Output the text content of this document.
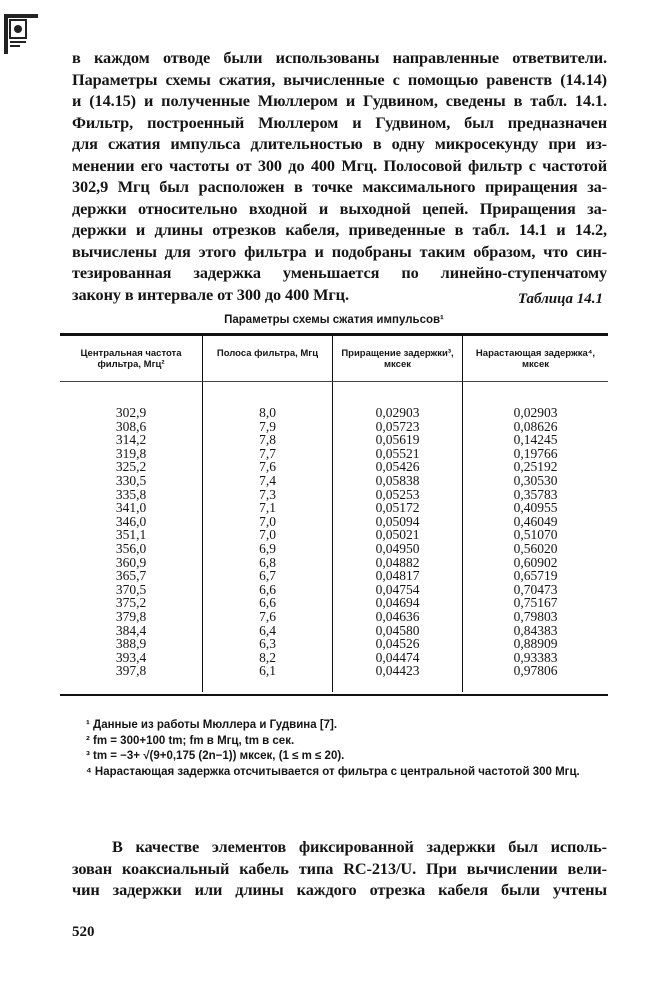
в каждом отводе были использованы направленные ответвители.

Параметры схемы сжатия, вычисленные с помощью равенств (14.14)

и (14.15) и полученные Мюллером и Гудвином, сведены в табл. 14.1.

Фильтр, построенный Мюллером и Гудвином, был предназначен

для сжатия импульса длительностью в одну микросекунду при из-

менении его частоты от 300 до 400 Мгц. Полосовой фильтр с частотой

302,9 Мгц был расположен в точке максимального приращения за-

держки относительно входной и выходной цепей. Приращения за-

держки и длины отрезков кабеля, приведенные в табл. 14.1 и 14.2,

вычислены для этого фильтра и подобраны таким образом, что син-

тезированная задержка уменьшается по линейно-ступенчатому

закону в интервале от 300 до 400 Мгц.	Таблица 14.1
Параметры схемы сжатия импульсов¹
Центральная частота фильтра, Мгц²
Полоса фильтра, Мгц	Приращение задержки³, мксек
Нарастающая задержка⁴, мксек
302,9
308,6
314,2
319,8
325,2
330,5
335,8
341,0
346,0
351,1
356,0
360,9
365,7
370,5
375,2
379,8
384,4
388,9
393,4
397,8
8,0
7,9
7,8
7,7
7,6
7,4
7,3
7,1
7,0
7,0
6,9
6,8
6,7
6,6
6,6
7,6
6,4
6,3
8,2
6,1
0,02903
0,05723
0,05619
0,05521
0,05426
0,05838
0,05253
0,05172
0,05094
0,05021
0,04950
0,04882
0,04817
0,04754
0,04694
0,04636
0,04580
0,04526
0,04474
0,04423
0,02903
0,08626
0,14245
0,19766
0,25192
0,30530
0,35783
0,40955
0,46049
0,51070
0,56020
0,60902
0,65719
0,70473
0,75167
0,79803
0,84383
0,88909
0,93383
0,97806
¹ Данные из работы Мюллера и Гудвина [7].
² fm = 300+100 tm; fm в Мгц, tm в сек.
³ tm = −3+ √(9+0,175 (2n−1)) мксек, (1 ≤ m ≤ 20).
⁴ Нарастающая задержка отсчитывается от фильтра с центральной частотой 300 Мгц.

В качестве элементов фиксированной задержки был исполь-

зован коаксиальный кабель типа RC-213/U. При вычислении вели-

чин задержки или длины каждого отрезка кабеля были учтены

520
